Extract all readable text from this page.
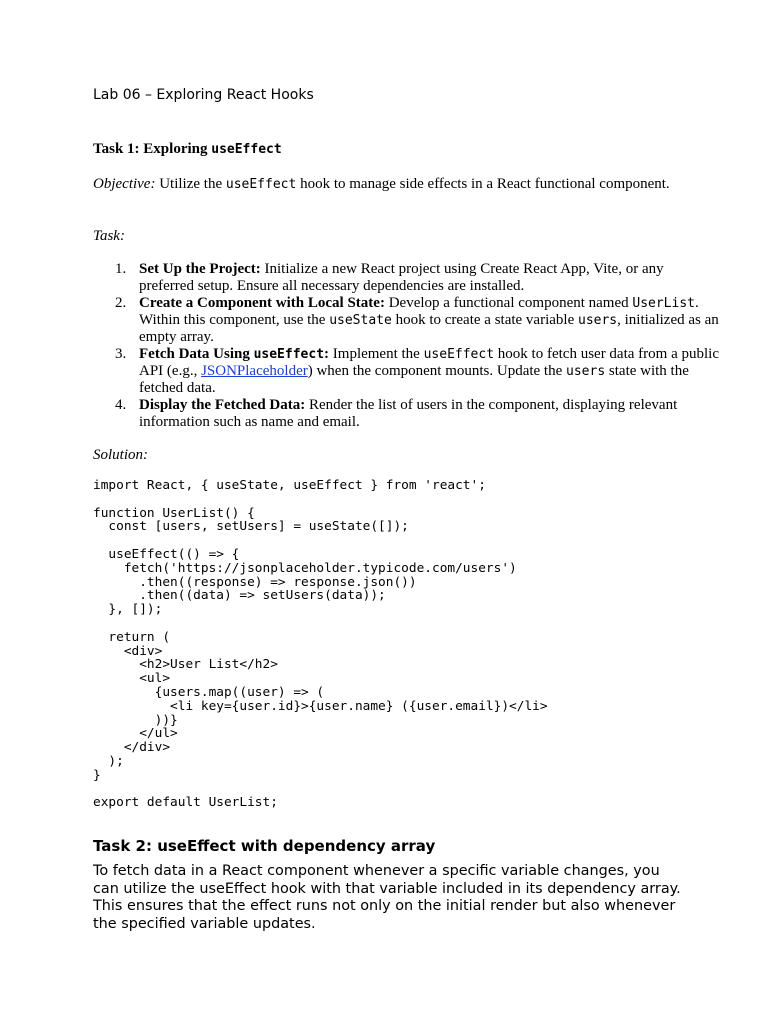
Lab 06 – Exploring React Hooks
Task 1: Exploring useEffect
Objective: Utilize the useEffect hook to manage side effects in a React functional component.
Task:
1. Set Up the Project: Initialize a new React project using Create React App, Vite, or any preferred setup. Ensure all necessary dependencies are installed.
2. Create a Component with Local State: Develop a functional component named UserList. Within this component, use the useState hook to create a state variable users, initialized as an empty array.
3. Fetch Data Using useEffect: Implement the useEffect hook to fetch user data from a public API (e.g., JSONPlaceholder) when the component mounts. Update the users state with the fetched data.
4. Display the Fetched Data: Render the list of users in the component, displaying relevant information such as name and email.
Solution:
import React, { useState, useEffect } from 'react';

function UserList() {
const [users, setUsers] = useState([]);

useEffect(() => {
fetch('https://jsonplaceholder.typicode.com/users')
.then((response) => response.json())
.then((data) => setUsers(data));
}, []);

return (
<div>
<h2>User List</h2>
<ul>
{users.map((user) => (
<li key={user.id}>{user.name} ({user.email})</li>
))}
</ul>
</div>
);
}

export default UserList;
Task 2: useEffect with dependency array
To fetch data in a React component whenever a specific variable changes, you can utilize the useEffect hook with that variable included in its dependency array. This ensures that the effect runs not only on the initial render but also whenever the specified variable updates.
